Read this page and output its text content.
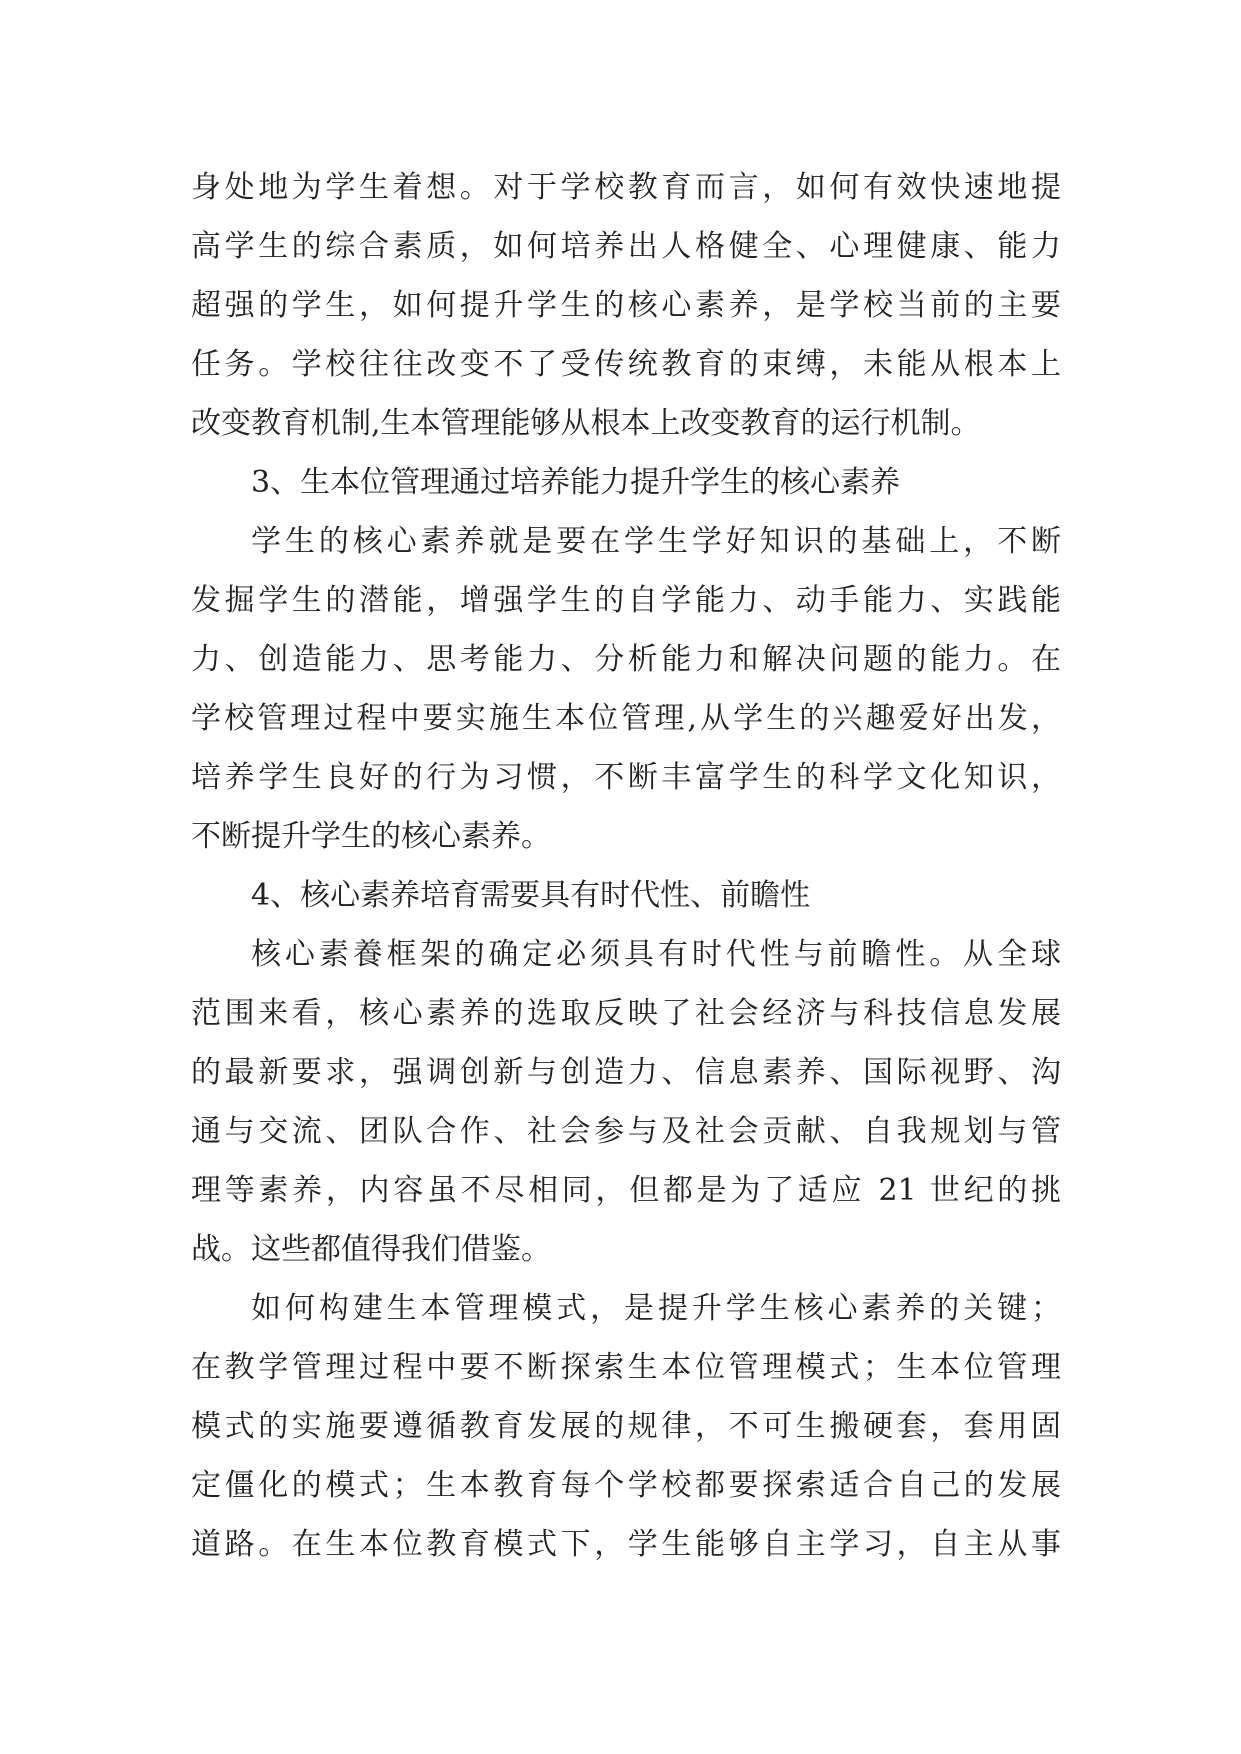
身处地为学生着想。对于学校教育而言，如何有效快速地提
高学生的综合素质，如何培养出人格健全、心理健康、能力
超强的学生，如何提升学生的核心素养，是学校当前的主要
任务。学校往往改变不了受传统教育的束缚，未能从根本上
改变教育机制,生本管理能够从根本上改变教育的运行机制。
3、生本位管理通过培养能力提升学生的核心素养
学生的核心素养就是要在学生学好知识的基础上，不断
发掘学生的潜能，增强学生的自学能力、动手能力、实践能
力、创造能力、思考能力、分析能力和解决问题的能力。在
学校管理过程中要实施生本位管理,从学生的兴趣爱好出发，
培养学生良好的行为习惯，不断丰富学生的科学文化知识，
不断提升学生的核心素养。
4、核心素养培育需要具有时代性、前瞻性
核心素養框架的确定必须具有时代性与前瞻性。从全球
范围来看，核心素养的选取反映了社会经济与科技信息发展
的最新要求，强调创新与创造力、信息素养、国际视野、沟
通与交流、团队合作、社会参与及社会贡献、自我规划与管
理等素养，内容虽不尽相同，但都是为了适应 21 世纪的挑
战。这些都值得我们借鉴。
如何构建生本管理模式，是提升学生核心素养的关键；
在教学管理过程中要不断探索生本位管理模式；生本位管理
模式的实施要遵循教育发展的规律，不可生搬硬套，套用固
定僵化的模式；生本教育每个学校都要探索适合自己的发展
道路。在生本位教育模式下，学生能够自主学习，自主从事
